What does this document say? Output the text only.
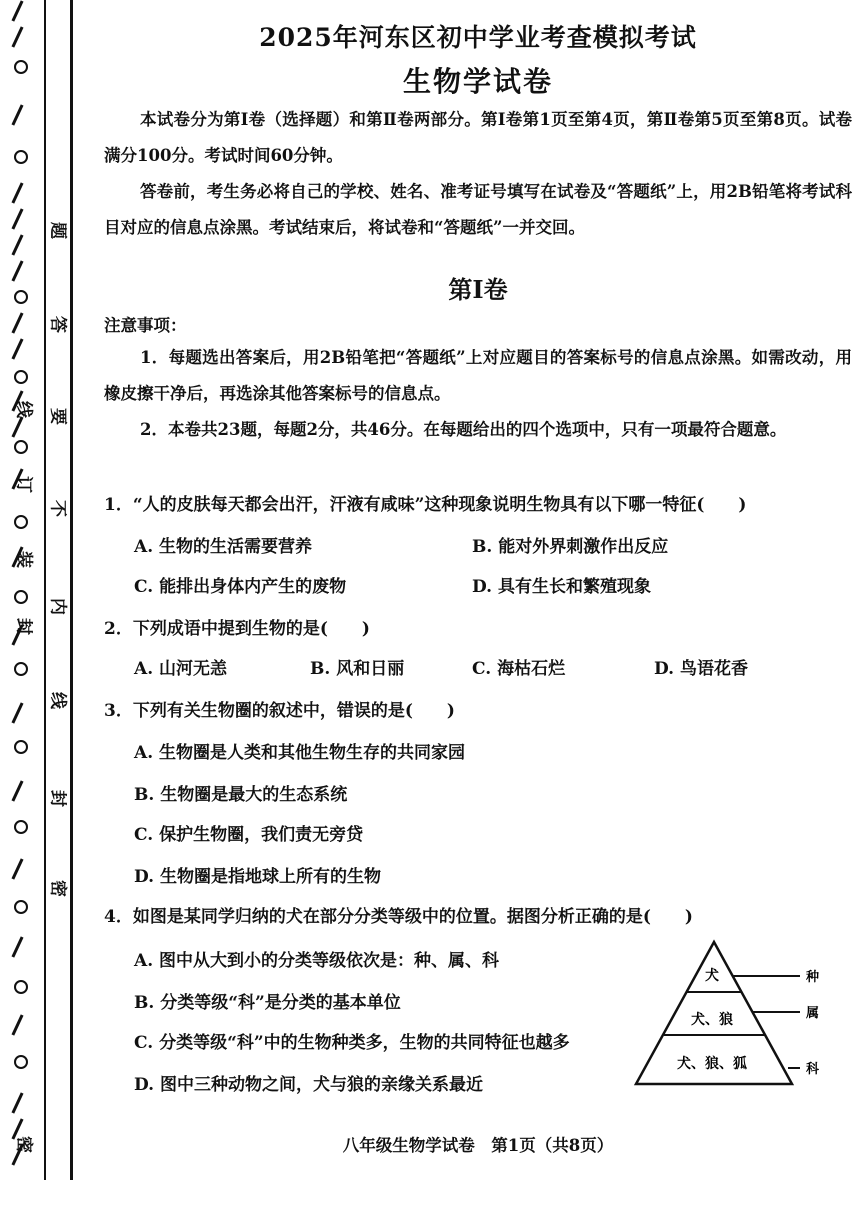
密
封
装
订
线
题
答
要
不
内
线
封
密
2025年河东区初中学业考查模拟考试
生物学试卷
本试卷分为第Ⅰ卷（选择题）和第Ⅱ卷两部分。第Ⅰ卷第1页至第4页，第Ⅱ卷第5页至第8页。试卷满分100分。考试时间60分钟。
答卷前，考生务必将自己的学校、姓名、准考证号填写在试卷及“答题纸”上，用2B铅笔将考试科目对应的信息点涂黑。考试结束后，将试卷和“答题纸”一并交回。
第Ⅰ卷
注意事项：
1．每题选出答案后，用2B铅笔把“答题纸”上对应题目的答案标号的信息点涂黑。如需改动，用橡皮擦干净后，再选涂其他答案标号的信息点。
2．本卷共23题，每题2分，共46分。在每题给出的四个选项中，只有一项最符合题意。
1．“人的皮肤每天都会出汗，汗液有咸味”这种现象说明生物具有以下哪一特征(　　)
A. 生物的生活需要营养	B. 能对外界刺激作出反应
C. 能排出身体内产生的废物	D. 具有生长和繁殖现象
2．下列成语中提到生物的是(　　)
A. 山河无恙	B. 风和日丽	C. 海枯石烂	D. 鸟语花香
3．下列有关生物圈的叙述中，错误的是(　　)
A. 生物圈是人类和其他生物生存的共同家园
B. 生物圈是最大的生态系统
C. 保护生物圈，我们责无旁贷
D. 生物圈是指地球上所有的生物
4．如图是某同学归纳的犬在部分分类等级中的位置。据图分析正确的是(　　)
A. 图中从大到小的分类等级依次是：种、属、科
B. 分类等级“科”是分类的基本单位
C. 分类等级“科”中的生物种类多，生物的共同特征也越多
D. 图中三种动物之间，犬与狼的亲缘关系最近
八年级生物学试卷　第1页（共8页）
犬
犬、狼
犬、狼、狐
种
属
科
